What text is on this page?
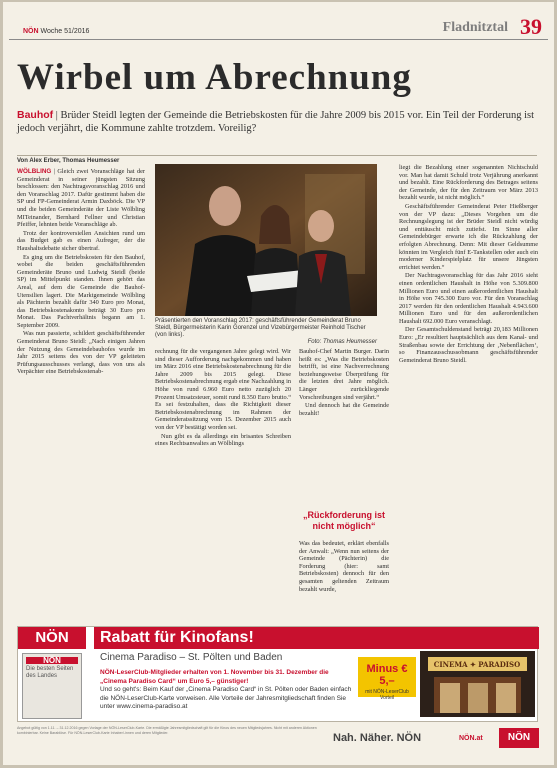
NÖN Woche 51/2016	Fladnitztal 39
Wirbel um Abrechnung
Bauhof | Brüder Steidl legten der Gemeinde die Betriebskosten für die Jahre 2009 bis 2015 vor. Ein Teil der Forderung ist jedoch verjährt, die Kommune zahlte trotzdem. Voreilig?
Von Alex Erber, Thomas Heumesser

WÖLBLING | Gleich zwei Voranschläge hat der Gemeinderat in seiner jüngsten Sitzung beschlossen: den Nachtragsvoranschlag 2016 und den Voranschlag 2017. Dafür gestimmt haben die SP und FP-Gemeinderat Armin Daxböck. Die VP und die beiden Gemeinderäte der Liste Wölbling MITeinander, Bernhard Fellner und Christian Pfeiffer, lehnten beide Voranschläge ab.

Trotz der kontroversiellen Ansichten rund um das Budget gab es einen Aufreger, der die Haushaltsdebatte sicher übertraf.

Es ging um die Betriebskosten für den Bauhof, wobei die beiden geschäftsführenden Gemeinderäte Bruno und Ludwig Steidl (beide SP) im Mittelpunkt standen. Ihnen gehört das Areal, auf dem die Gemeinde die Bauhof-Utensilien lagert. Die Marktgemeinde Wölbling als Pächterin bezahlt dafür 340 Euro pro Monat, das Betriebskostenakonto beträgt 30 Euro pro Monat. Das Pachtverhältnis begann am 1. September 2009.

Was nun passierte, schildert geschäftsführender Gemeinderat Bruno Steidl: „Nach einigen Jahren der Nutzung des Gemeindebauhofes wurde im Jahr 2015 seitens des von der VP geleiteten Prüfungsausschusses verlangt, dass von uns als Verpächter eine Betriebskostenab-

Präsentierten den Voranschlag 2017: geschäftsführender Gemeinderat Bruno Steidl, Bürgermeisterin Karin Gorenzel und Vizebürgermeister Reinhold Tischer (von links).
Foto: Thomas Heumesser

rechnung für die vergangenen Jahre gelegt wird. Wir sind dieser Aufforderung nachgekommen und haben im März 2016 eine Betriebskostenabrechnung für die Jahre 2009 bis 2015 gelegt. Diese Betriebskostenabrechnung ergab eine Nachzahlung in Höhe von rund 6.960 Euro netto zuzüglich 20 Prozent Umsatzsteuer, somit rund 8.350 Euro brutto.“ Es sei festzuhalten, dass die Richtigkeit dieser Betriebskostenabrechnung im Rahmen der Gemeinderatssitzung vom 15. Dezember 2015 auch von der VP bestätigt worden sei.

Nun gibt es da allerdings ein brisantes Schreiben eines Rechtsanwaltes an Wölblings

Bauhof-Chef Martin Burger. Darin heißt es: „Was die Betriebskosten betrifft, ist eine Nachverrechnung beziehungsweise Überprüfung für die letzten drei Jahre möglich. Länger zurückliegende Vorschreibungen sind verjährt.“

Und dennoch hat die Gemeinde bezahlt!

„Rückforderung ist nicht möglich“

Was das bedeutet, erklärt ebenfalls der Anwalt: „Wenn nun seitens der Gemeinde (Pächterin) die Forderung (hier: samt Betriebskosten) dennoch für den gesamten geltenden Zeitraum bezahlt wurde,

liegt die Bezahlung einer sogenannten Nichtschuld vor. Man hat damit Schuld trotz Verjährung anerkannt und bezahlt. Eine Rückforderung des Betrages seitens der Gemeinde, der für den Zeitraum vor März 2013 bezahlt wurde, ist nicht möglich.“

Geschäftsführender Gemeinderat Peter Hießberger von der VP dazu: „Dieses Vorgehen um die Rechnungslegung ist der Brüder Steidl nicht würdig und enttäuscht mich zutiefst. Im Sinne aller Gemeindebürger erwarte ich die Rückzahlung der erfolgten Abrechnung. Denn: Mit dieser Geldsumme könnten im Vergleich fünf E-Tankstellen oder auch ein moderner Kinderspielplatz für unsere Jüngsten errichtet werden.“

Der Nachtragsvoranschlag für das Jahr 2016 sieht einen ordentlichen Haushalt in Höhe von 5.309.800 Millionen Euro und einen außerordentlichen Haushalt in Höhe von 745.300 Euro vor. Für den Voranschlag 2017 werden für den ordentlichen Haushalt 4.943.600 Millionen Euro und für den außerordentlichen Haushalt 692.000 Euro veranschlagt.

Der Gesamtschuldenstand beträgt 20,183 Millionen Euro: „Er resultiert hauptsächlich aus dem Kanal- und Straßenbau sowie der Errichtung der ‚Nebenflächen‘, so Finanzausschussobmann geschäftsführender Gemeinderat Bruno Steidl.

NÖN	Rabatt für Kinofans!
Cinema Paradiso – St. Pölten und Baden
NÖN
Die besten Seiten des Landes	NÖN-LeserClub-Mitglieder erhalten von 1. November bis 31. Dezember die „Cinema Paradiso Card“ um Euro 5,– günstiger!
Und so geht's: Beim Kauf der „Cinema Paradiso Card“ in St. Pölten oder Baden einfach die NÖN-LeserClub-Karte vorweisen. Alle Vorteile der Jahresmitgliedschaft finden Sie unter www.cinema-paradiso.at
Minus € 5,–
mit NÖN-LeserClub Vorteil
CINEMA ✦ PARADISO
Angebot gültig von 1.11. – 31.12.2016 gegen Vorlage der NÖN-LeserClub-Karte. Die ermäßigte Jahresmitgliedschaft gilt für die Kinos des neuen Mitgliedsjahres. Nicht mit anderen Aktionen kombinierbar. Keine Barablöse. Für NÖN-LeserClub-Karte Inhaber/-innen und deren Mitglieder.	Nah. Näher. NÖN	NÖN.at	NÖN
